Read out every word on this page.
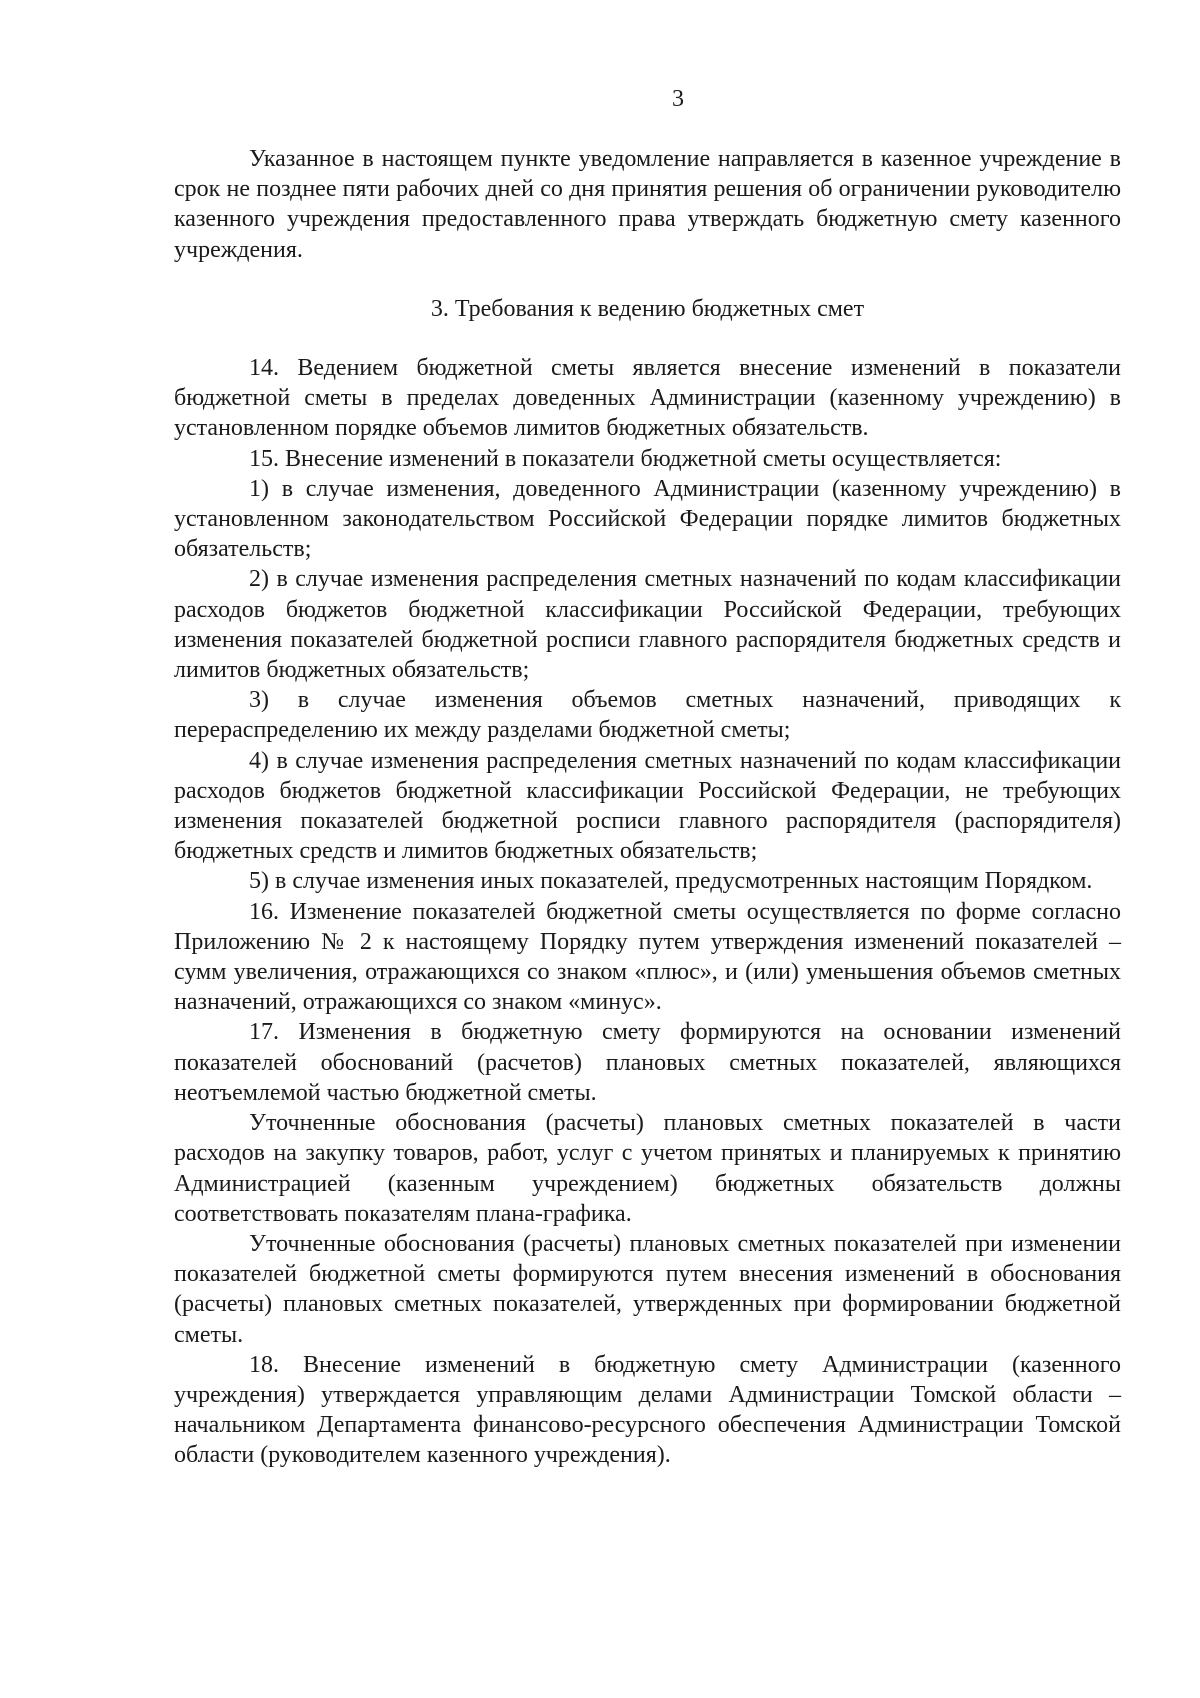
3

Указанное в настоящем пункте уведомление направляется в казенное учреждение в срок не позднее пяти рабочих дней со дня принятия решения об ограничении руководителю казенного учреждения предоставленного права утверждать бюджетную смету казенного учреждения.

3. Требования к ведению бюджетных смет

14. Ведением бюджетной сметы является внесение изменений в показатели бюджетной сметы в пределах доведенных Администрации (казенному учреждению) в установленном порядке объемов лимитов бюджетных обязательств.

15. Внесение изменений в показатели бюджетной сметы осуществляется:

1) в случае изменения, доведенного Администрации (казенному учреждению) в установленном законодательством Российской Федерации порядке лимитов бюджетных обязательств;

2) в случае изменения распределения сметных назначений по кодам классификации расходов бюджетов бюджетной классификации Российской Федерации, требующих изменения показателей бюджетной росписи главного распорядителя бюджетных средств и лимитов бюджетных обязательств;

3) в случае изменения объемов сметных назначений, приводящих к перераспределению их между разделами бюджетной сметы;

4) в случае изменения распределения сметных назначений по кодам классификации расходов бюджетов бюджетной классификации Российской Федерации, не требующих изменения показателей бюджетной росписи главного распорядителя (распорядителя) бюджетных средств и лимитов бюджетных обязательств;

5) в случае изменения иных показателей, предусмотренных настоящим Порядком.

16. Изменение показателей бюджетной сметы осуществляется по форме согласно Приложению № 2 к настоящему Порядку путем утверждения изменений показателей – сумм увеличения, отражающихся со знаком «плюс», и (или) уменьшения объемов сметных назначений, отражающихся со знаком «минус».

17. Изменения в бюджетную смету формируются на основании изменений показателей обоснований (расчетов) плановых сметных показателей, являющихся неотъемлемой частью бюджетной сметы.

Уточненные обоснования (расчеты) плановых сметных показателей в части расходов на закупку товаров, работ, услуг с учетом принятых и планируемых к принятию Администрацией (казенным учреждением) бюджетных обязательств должны соответствовать показателям плана-графика.

Уточненные обоснования (расчеты) плановых сметных показателей при изменении показателей бюджетной сметы формируются путем внесения изменений в обоснования (расчеты) плановых сметных показателей, утвержденных при формировании бюджетной сметы.

18. Внесение изменений в бюджетную смету Администрации (казенного учреждения) утверждается управляющим делами Администрации Томской области – начальником Департамента финансово-ресурсного обеспечения Администрации Томской области (руководителем казенного учреждения).
